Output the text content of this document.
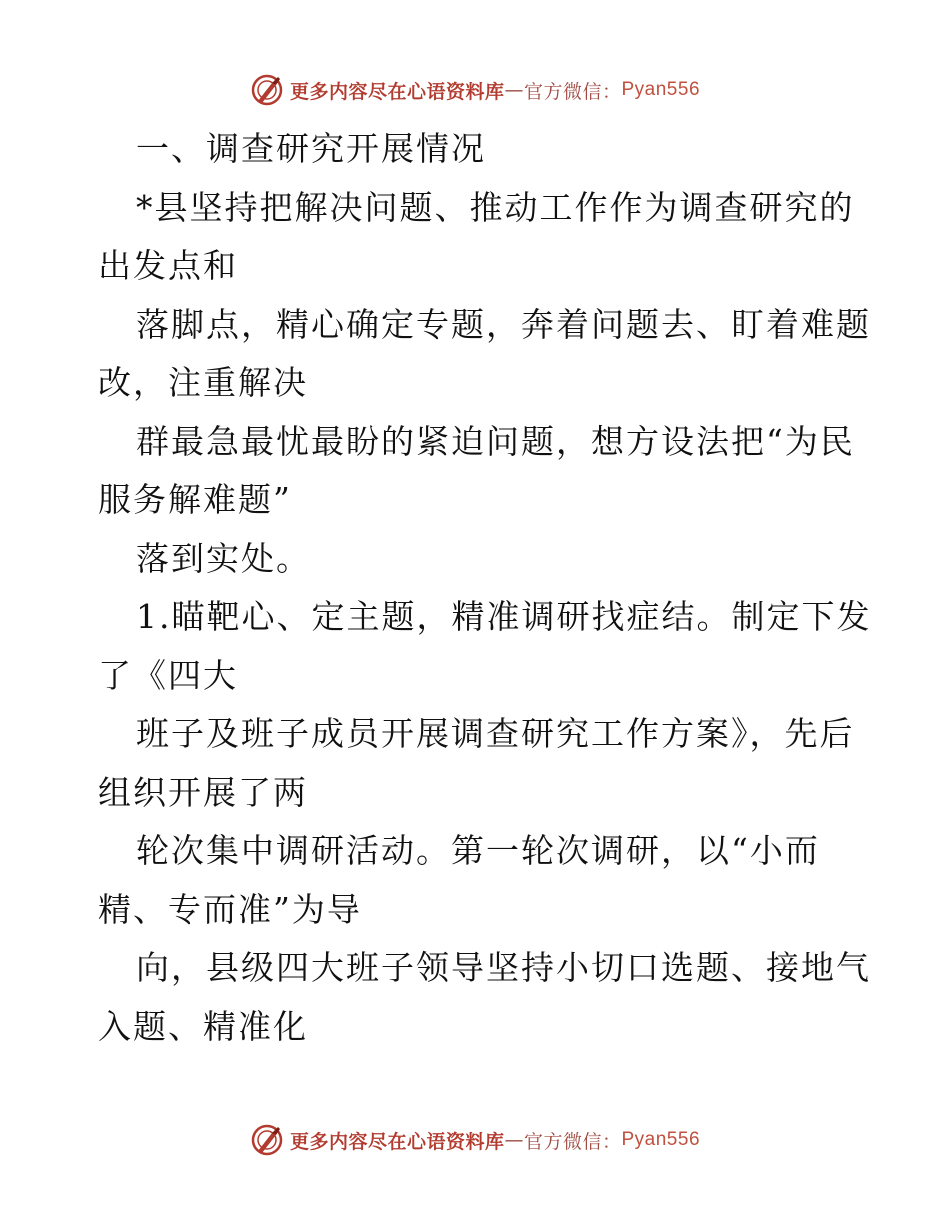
更多内容尽在心语资料库 — 官方微信： Pyan556
一、调查研究开展情况
*县坚持把解决问题、推动工作作为调查研究的
出发点和
落脚点，精心确定专题，奔着问题去、盯着难题
改，注重解决
群最急最忧最盼的紧迫问题，想方设法把“为民
服务解难题”
落到实处。
1.瞄靶心、定主题，精准调研找症结。制定下发
了《四大
班子及班子成员开展调查研究工作方案》，先后
组织开展了两
轮次集中调研活动。第一轮次调研，以“小而
精、专而准”为导
向，县级四大班子领导坚持小切口选题、接地气
入题、精准化
更多内容尽在心语资料库 — 官方微信： Pyan556
